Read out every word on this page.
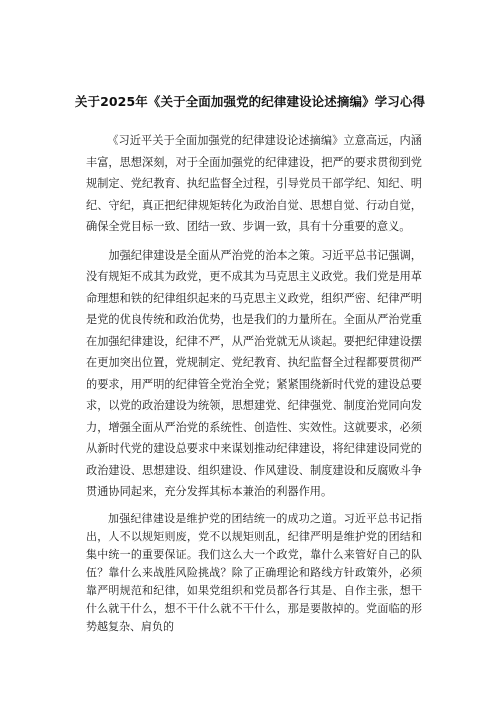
关于2025年《关于全面加强党的纪律建设论述摘编》学习心得

《习近平关于全面加强党的纪律建设论述摘编》立意高远，内涵丰富，思想深刻，对于全面加强党的纪律建设，把严的要求贯彻到党规制定、党纪教育、执纪监督全过程，引导党员干部学纪、知纪、明纪、守纪，真正把纪律规矩转化为政治自觉、思想自觉、行动自觉，确保全党目标一致、团结一致、步调一致，具有十分重要的意义。

加强纪律建设是全面从严治党的治本之策。习近平总书记强调，没有规矩不成其为政党，更不成其为马克思主义政党。我们党是用革命理想和铁的纪律组织起来的马克思主义政党，组织严密、纪律严明是党的优良传统和政治优势，也是我们的力量所在。全面从严治党重在加强纪律建设，纪律不严，从严治党就无从谈起。要把纪律建设摆在更加突出位置，党规制定、党纪教育、执纪监督全过程都要贯彻严的要求，用严明的纪律管全党治全党；紧紧围绕新时代党的建设总要求，以党的政治建设为统领，思想建党、纪律强党、制度治党同向发力，增强全面从严治党的系统性、创造性、实效性。这就要求，必须从新时代党的建设总要求中来谋划推动纪律建设，将纪律建设同党的政治建设、思想建设、组织建设、作风建设、制度建设和反腐败斗争贯通协同起来，充分发挥其标本兼治的利器作用。

加强纪律建设是维护党的团结统一的成功之道。习近平总书记指出，人不以规矩则废，党不以规矩则乱，纪律严明是维护党的团结和集中统一的重要保证。我们这么大一个政党，靠什么来管好自己的队伍？靠什么来战胜风险挑战？除了正确理论和路线方针政策外，必须靠严明规范和纪律，如果党组织和党员都各行其是、自作主张，想干什么就干什么，想不干什么就不干什么，那是要散掉的。党面临的形势越复杂、肩负的
